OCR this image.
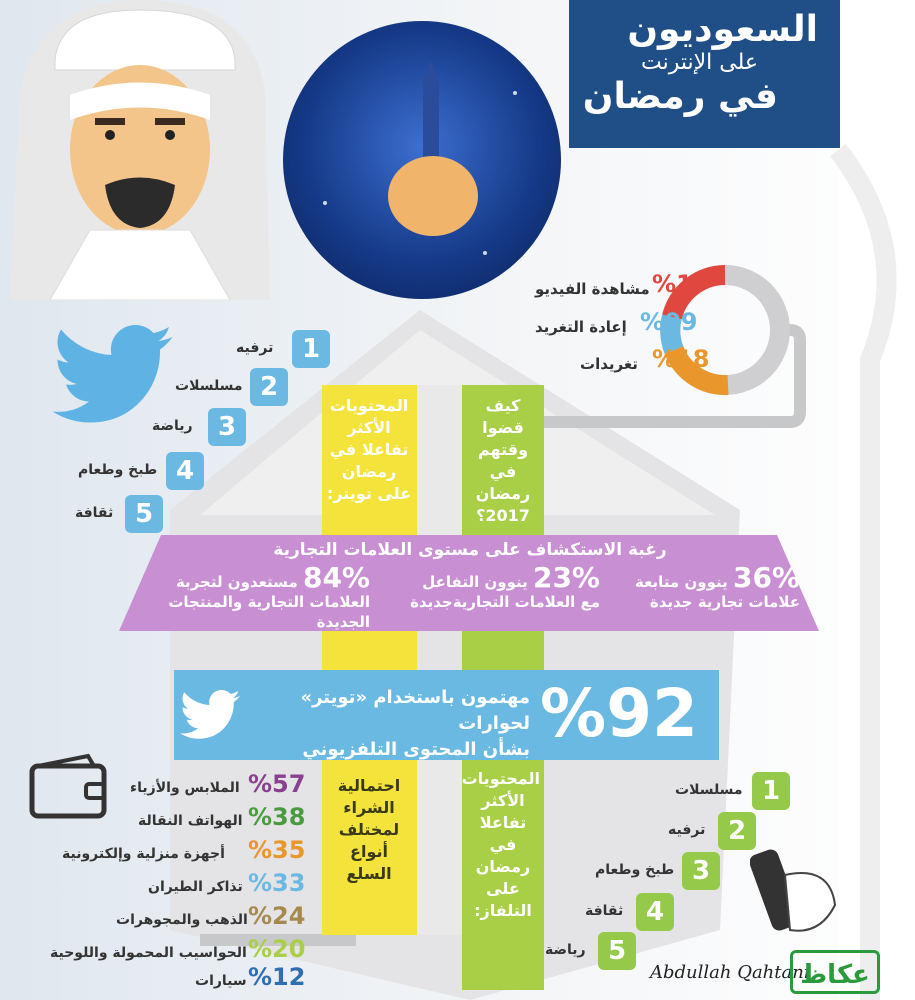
السعوديون
على الإنترنت
في رمضان
%17
مشاهدة الفيديو
%09
إعادة التغريد
%18
تغريدات
1
ترفيه
2
مسلسلات
3
رياضة
4
طبخ وطعام
5
ثقافة
كيف قضوا وقتهم في رمضان 2017؟
المحتويات الأكثر تفاعلا في رمضان على تويتر:
رغبة الاستكشاف على مستوى العلامات التجارية
36% ينوون متابعة
علامات تجارية جديدة
23% ينوون التفاعل
مع العلامات التجاريةجديدة
84% مستعدون لتجربة
العلامات التجارية والمنتجات الجديدة
%92
مهتمون باستخدام «تويتر» لحوارات
بشأن المحتوى التلفزيوني
احتمالية الشراء لمختلف أنواع السلع
المحتويات الأكثر تفاعلا في رمضان على التلفاز:
%57
الملابس والأزياء
%38
الهواتف النقالة
%35
أجهزة منزلية وإلكترونية
%33
تذاكر الطيران
%24
الذهب والمجوهرات
%20
الحواسيب المحمولة واللوحية
%12
سيارات
1
مسلسلات
2
ترفيه
3
طبخ وطعام
4
ثقافة
5
رياضة
Abdullah Qahtani
عكاظ
